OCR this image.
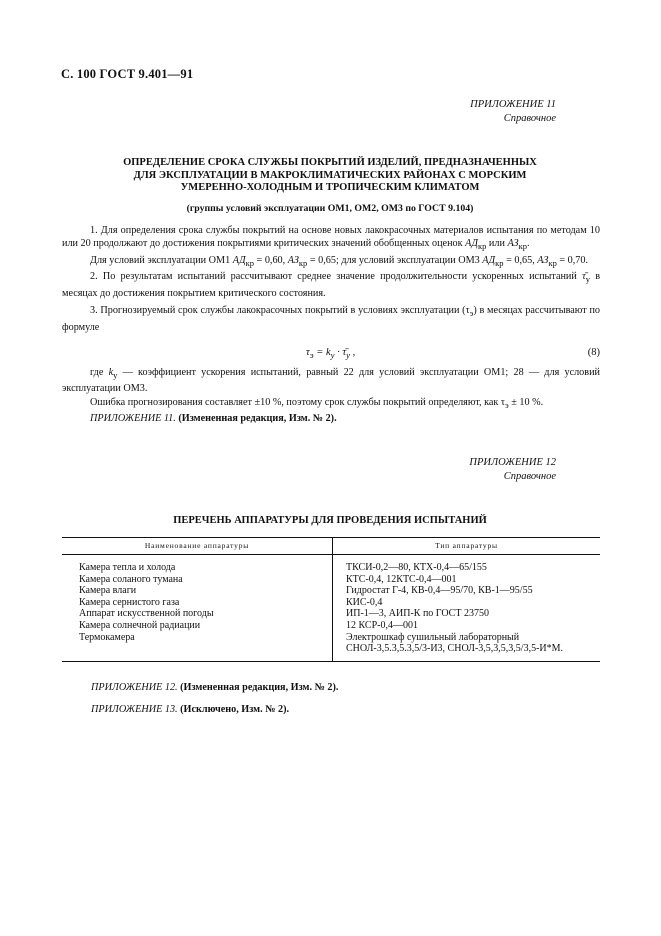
С. 100 ГОСТ 9.401—91
ПРИЛОЖЕНИЕ 11
Справочное
ОПРЕДЕЛЕНИЕ СРОКА СЛУЖБЫ ПОКРЫТИЙ ИЗДЕЛИЙ, ПРЕДНАЗНАЧЕННЫХ
ДЛЯ ЭКСПЛУАТАЦИИ В МАКРОКЛИМАТИЧЕСКИХ РАЙОНАХ С МОРСКИМ
УМЕРЕННО-ХОЛОДНЫМ И ТРОПИЧЕСКИМ КЛИМАТОМ
(группы условий эксплуатации ОМ1, ОМ2, ОМ3 по ГОСТ 9.104)

1. Для определения срока службы покрытий на основе новых лакокрасочных материалов испытания по методам 10 или 20 продолжают до достижения покрытиями критических значений обобщенных оценок $АД_{кр}$ или $АЗ_{кр}$.

Для условий эксплуатации ОМ1 $АД_{кр} = 0,60$, $АЗ_{кр} = 0,65$; для условий эксплуатации ОМ3 $АД_{кр} = 0,65$, $АЗ_{кр} = 0,70$.

2. По результатам испытаний рассчитывают среднее значение продолжительности ускоренных испытаний $\taū_у$ в месяцах до достижения покрытием критического состояния.

3. Прогнозируемый срок службы лакокрасочных покрытий в условиях эксплуатации $(\tau_э)$ в месяцах рассчитывают по формуле

$\tau_э = k_у$ · $\taū_у$ ,	(8)

где $k_у$ — коэффициент ускорения испытаний, равный 22 для условий эксплуатации ОМ1; 28 — для условий эксплуатации ОМ3.

Ошибка прогнозирования составляет ±10 %, поэтому срок службы покрытий определяют, как $\tau_э \pm 10$ %.

ПРИЛОЖЕНИЕ 11. (Измененная редакция, Изм. № 2).

ПРИЛОЖЕНИЕ 12
Справочное
ПЕРЕЧЕНЬ АППАРАТУРЫ ДЛЯ ПРОВЕДЕНИЯ ИСПЫТАНИЙ
Наименование аппаратуры	Тип аппаратуры
Камера тепла и холода	ТКСИ-0,2—80, КТХ-0,4—65/155
Камера соланого тумана	КТС-0,4, 12КТС-0,4—001
Камера влаги	Гидростат Г-4, КВ-0,4—95/70, КВ-1—95/55
Камера сернистого газа	КИС-0,4
Аппарат искусственной погоды	ИП-1—3, АИП-К по ГОСТ 23750
Камера солнечной радиации	12 КСР-0,4—001
Термокамера	Электрошкаф сушильный лабораторный
	СНОЛ-3,5.3,5.3,5/3-И3, СНОЛ-3,5,3,5,3,5/3,5-И*М.
ПРИЛОЖЕНИЕ 12. (Измененная редакция, Изм. № 2).
ПРИЛОЖЕНИЕ 13. (Исключено, Изм. № 2).
